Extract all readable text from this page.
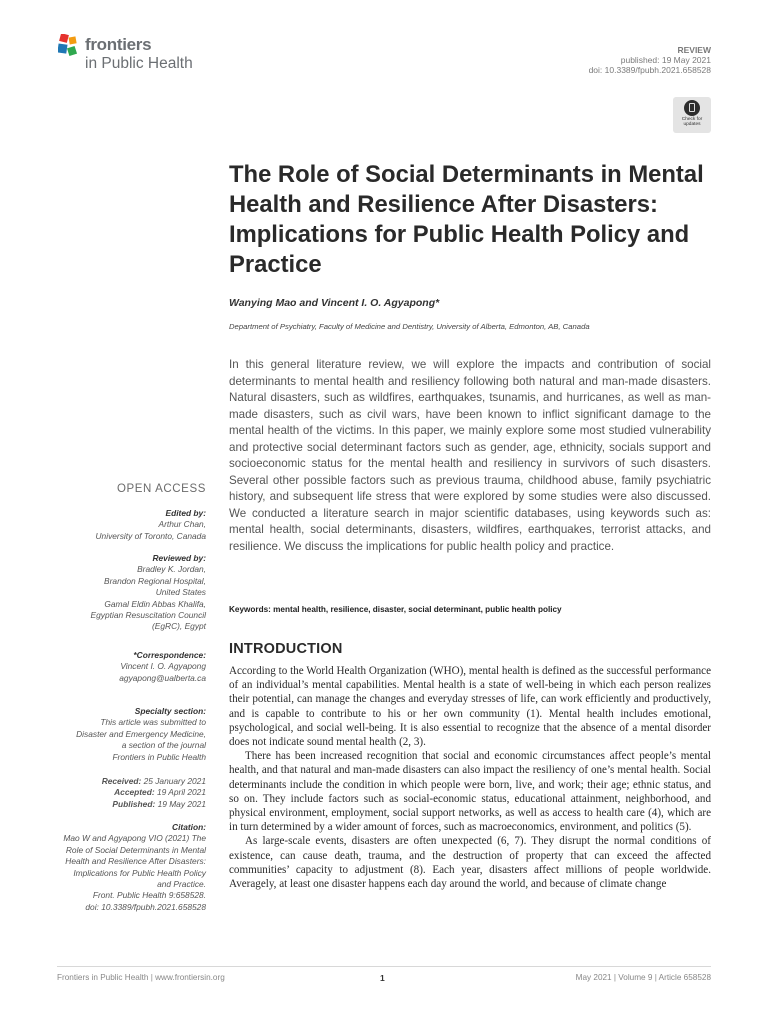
frontiers
in Public Health
REVIEW
published: 19 May 2021
doi: 10.3389/fpubh.2021.658528
Check for
updates
The Role of Social Determinants in Mental Health and Resilience After Disasters: Implications for Public Health Policy and Practice
Wanying Mao and Vincent I. O. Agyapong*
Department of Psychiatry, Faculty of Medicine and Dentistry, University of Alberta, Edmonton, AB, Canada

In this general literature review, we will explore the impacts and contribution of social determinants to mental health and resiliency following both natural and man-made disasters. Natural disasters, such as wildfires, earthquakes, tsunamis, and hurricanes, as well as man-made disasters, such as civil wars, have been known to inflict significant damage to the mental health of the victims. In this paper, we mainly explore some most studied vulnerability and protective social determinant factors such as gender, age, ethnicity, socials support and socioeconomic status for the mental health and resiliency in survivors of such disasters. Several other possible factors such as previous trauma, childhood abuse, family psychiatric history, and subsequent life stress that were explored by some studies were also discussed. We conducted a literature search in major scientific databases, using keywords such as: mental health, social determinants, disasters, wildfires, earthquakes, terrorist attacks, and resilience. We discuss the implications for public health policy and practice.

Keywords: mental health, resilience, disaster, social determinant, public health policy
INTRODUCTION

According to the World Health Organization (WHO), mental health is defined as the successful performance of an individual’s mental capabilities. Mental health is a state of well-being in which each person realizes their potential, can manage the changes and everyday stresses of life, can work efficiently and productively, and is capable to contribute to his or her own community (1). Mental health includes emotional, psychological, and social well-being. It is also essential to recognize that the absence of a mental disorder does not indicate sound mental health (2, 3).

There has been increased recognition that social and economic circumstances affect people’s mental health, and that natural and man-made disasters can also impact the resiliency of one’s mental health. Social determinants include the condition in which people were born, live, and work; their age; ethnic status, and so on. They include factors such as social-economic status, educational attainment, neighborhood, and physical environment, employment, social support networks, as well as access to health care (4), which are in turn determined by a wider amount of forces, such as macroeconomics, environment, and politics (5).

As large-scale events, disasters are often unexpected (6, 7). They disrupt the normal conditions of existence, can cause death, trauma, and the destruction of property that can exceed the affected communities’ capacity to adjustment (8). Each year, disasters affect millions of people worldwide. Averagely, at least one disaster happens each day around the world, and because of climate change

OPEN ACCESS
Edited by:
Arthur Chan,
University of Toronto, Canada
Reviewed by:
Bradley K. Jordan,
Brandon Regional Hospital,
United States
Gamal Eldin Abbas Khalifa,
Egyptian Resuscitation Council
(EgRC), Egypt
*Correspondence:
Vincent I. O. Agyapong
agyapong@ualberta.ca
Specialty section:
This article was submitted to
Disaster and Emergency Medicine,
a section of the journal
Frontiers in Public Health
Received: 25 January 2021
Accepted: 19 April 2021
Published: 19 May 2021
Citation:
Mao W and Agyapong VIO (2021) The
Role of Social Determinants in Mental
Health and Resilience After Disasters:
Implications for Public Health Policy
and Practice.
Front. Public Health 9:658528.
doi: 10.3389/fpubh.2021.658528
Frontiers in Public Health | www.frontiersin.org	1	May 2021 | Volume 9 | Article 658528
